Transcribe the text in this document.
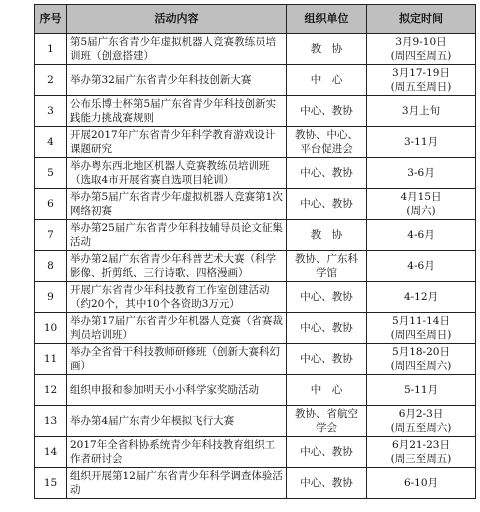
序号	活动内容	组织单位	拟定时间
1	第5届广东省青少年虚拟机器人竞赛教练员培训班（创意搭建）	教　协	3月9-10日
(周四至周五)
2	举办第32届广东省青少年科技创新大赛	中　心	3月17-19日
(周五至周日)
3	公布乐博士杯第5届广东省青少年科技创新实践能力挑战赛规则	中心、教协	3月上旬
4	开展2017年广东省青少年科学教育游戏设计课题研究	教协、中心、平台促进会	3-11月
5	举办粤东西北地区机器人竞赛教练员培训班（选取4市开展省赛自选项目轮训）	中心、教协	3-6月
6	举办第5届广东省青少年虚拟机器人竞赛第1次网络初赛	中心、教协	4月15日
(周六)
7	举办第25届广东省青少年科技辅导员论文征集活动	教　协	4-6月
8	举办第2届广东省青少年科普艺术大赛（科学影像、折剪纸、三行诗歌、四格漫画）	教协、广东科学馆	4-6月
9	开展广东省青少年科技教育工作室创建活动（约20个，其中10个各资助3万元）	中心、教协	4-12月
10	举办第17届广东省青少年机器人竞赛（省赛裁判员培训班）	中心、教协	5月11-14日
(周四至周日)
11	举办全省骨干科技教师研修班（创新大赛科幻画）	中心、教协	5月18-20日
(周四至周六)
12	组织申报和参加明天小小科学家奖励活动	中　心	5-11月
13	举办第4届广东青少年模拟飞行大赛	教协、省航空学会	6月2-3日
(周五至周六)
14	2017年全省科协系统青少年科技教育组织工作者研讨会	中心、教协	6月21-23日
(周三至周五)
15	组织开展第12届广东省青少年科学调查体验活动	中心、教协	6-10月
